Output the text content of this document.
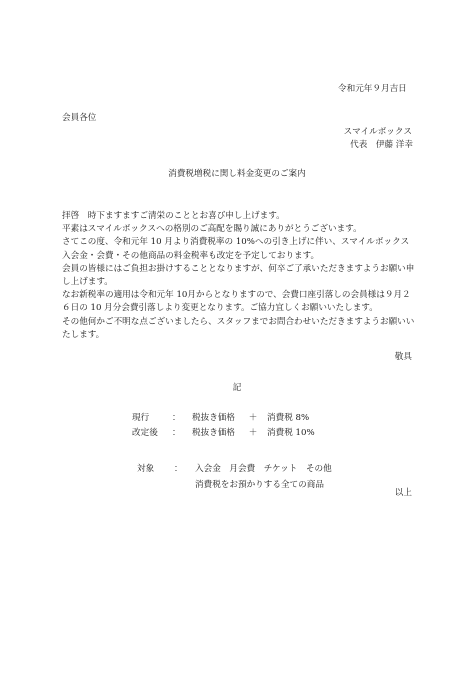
令和元年９月吉日
会員各位
スマイルボックス
代表　伊藤 洋幸
消費税増税に関し料金変更のご案内

拝啓　時下ますますご清栄のこととお喜び申し上げます。

平素はスマイルボックスへの格別のご高配を賜り誠にありがとうございます。

さてこの度、令和元年 10 月より消費税率の 10%への引き上げに伴い、スマイルボックス入会金・会費・その他商品の料金税率も改定を予定しております。

会員の皆様にはご負担お掛けすることとなりますが、何卒ご了承いただきますようお願い申し上げます。

なお新税率の適用は令和元年 10月からとなりますので、会費口座引落しの会員様は９月２６日の 10 月分会費引落しより変更となります。ご協力宜しくお願いいたします。

その他何かご不明な点ございましたら、スタッフまでお問合わせいただきますようお願いいたします。

敬具
記
現行	：	税抜き価格	＋ 消費税 8%
改定後	：	税抜き価格	＋ 消費税 10%
対象	：	入会金　月会費　チケット　その他
消費税をお預かりする全ての商品
以上
